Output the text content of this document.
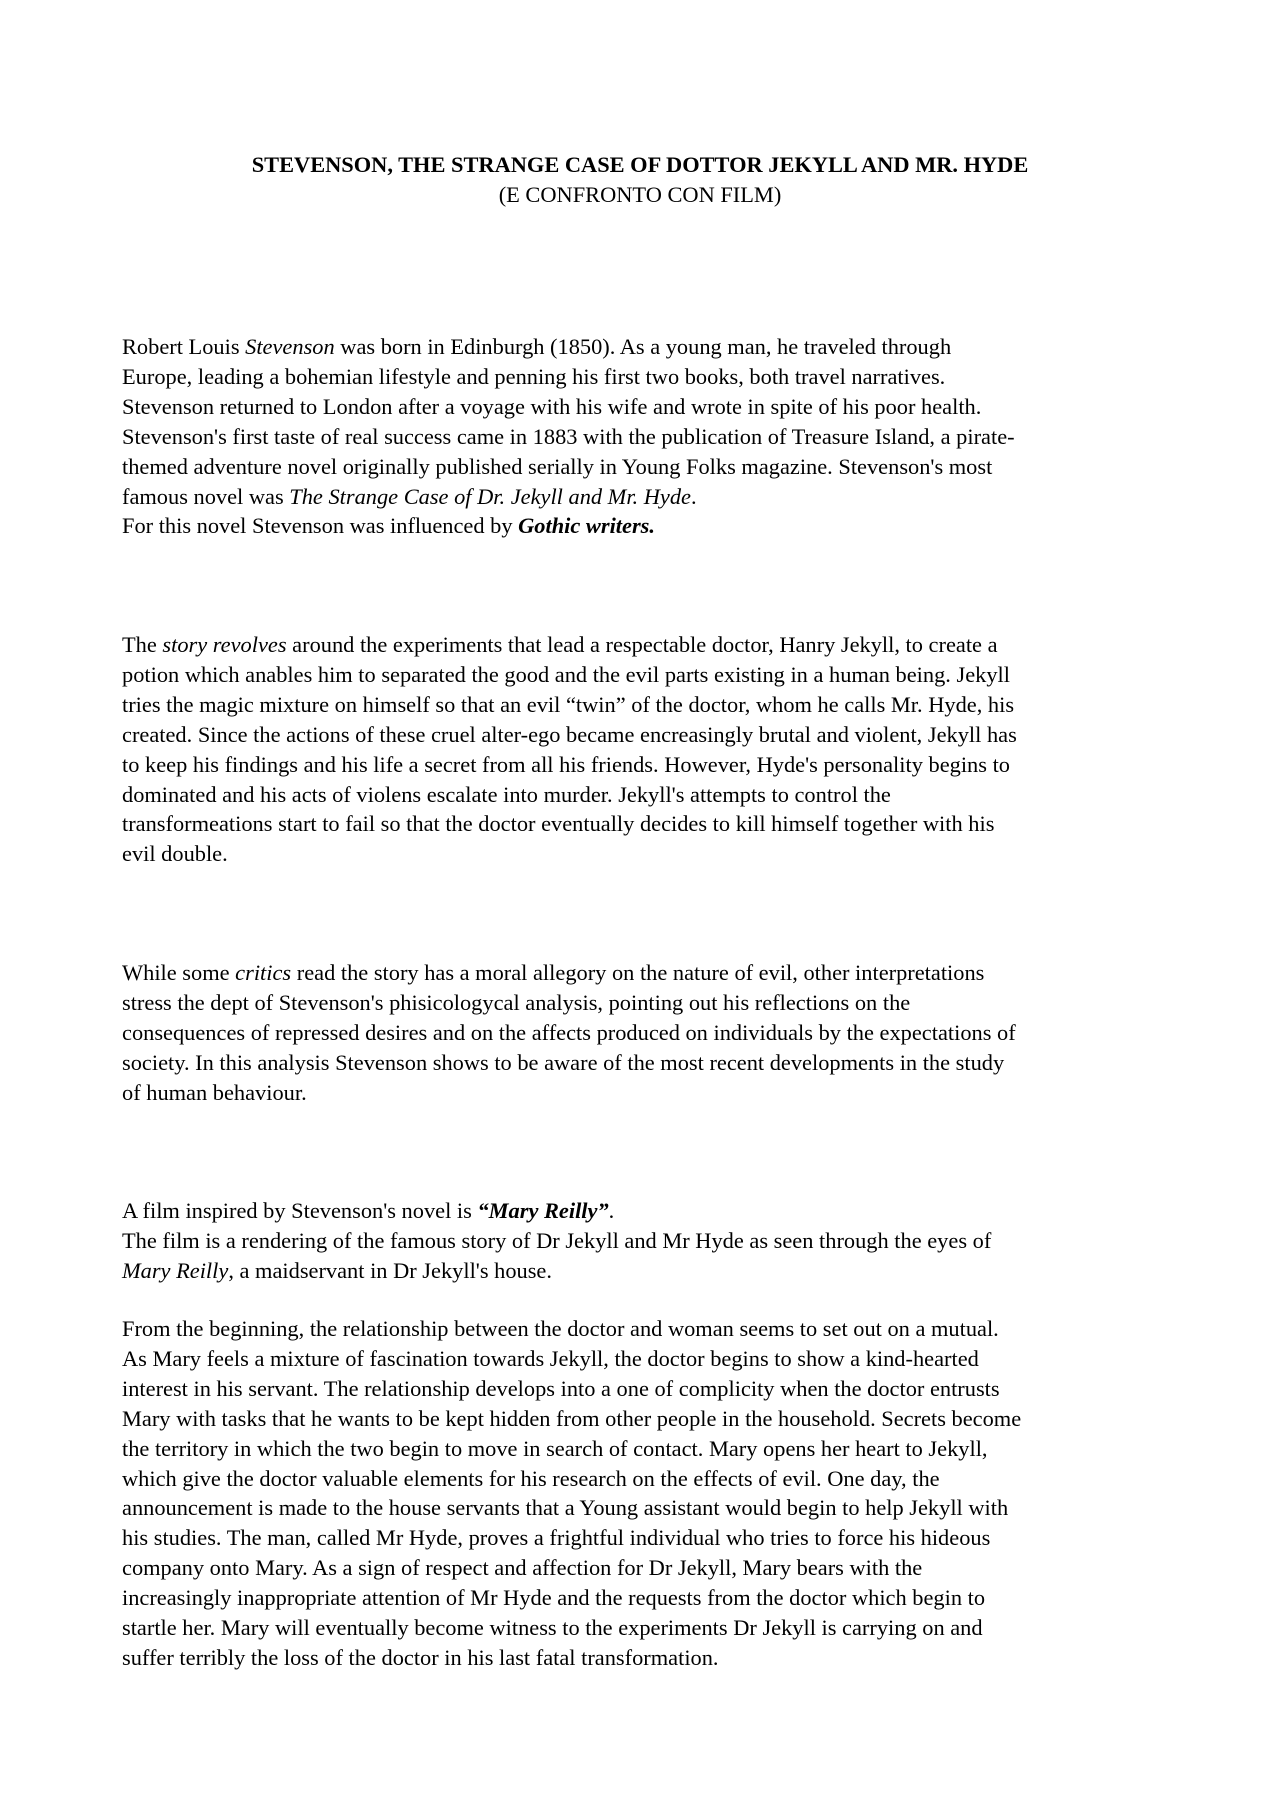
STEVENSON, THE STRANGE CASE OF DOTTOR JEKYLL AND MR. HYDE
(E CONFRONTO CON FILM)
Robert Louis Stevenson was born in Edinburgh (1850). As a young man, he traveled through
Europe, leading a bohemian lifestyle and penning his first two books, both travel narratives.
Stevenson returned to London after a voyage with his wife and wrote in spite of his poor health.
Stevenson's first taste of real success came in 1883 with the publication of Treasure Island, a pirate-
themed adventure novel originally published serially in Young Folks magazine. Stevenson's most
famous novel was The Strange Case of Dr. Jekyll and Mr. Hyde.
For this novel Stevenson was influenced by Gothic writers.
The story revolves around the experiments that lead a respectable doctor, Hanry Jekyll, to create a
potion which anables him to separated the good and the evil parts existing in a human being. Jekyll
tries the magic mixture on himself so that an evil “twin” of the doctor, whom he calls Mr. Hyde, his
created. Since the actions of these cruel alter-ego became encreasingly brutal and violent, Jekyll has
to keep his findings and his life a secret from all his friends. However, Hyde's personality begins to
dominated and his acts of violens escalate into murder. Jekyll's attempts to control the
transformeations start to fail so that the doctor eventually decides to kill himself together with his
evil double.
While some critics read the story has a moral allegory on the nature of evil, other interpretations
stress the dept of Stevenson's phisicologycal analysis, pointing out his reflections on the
consequences of repressed desires and on the affects produced on individuals by the expectations of
society. In this analysis Stevenson shows to be aware of the most recent developments in the study
of human behaviour.
A film inspired by Stevenson's novel is “Mary Reilly”.
The film is a rendering of the famous story of Dr Jekyll and Mr Hyde as seen through the eyes of
Mary Reilly, a maidservant in Dr Jekyll's house.
From the beginning, the relationship between the doctor and woman seems to set out on a mutual.
As Mary feels a mixture of fascination towards Jekyll, the doctor begins to show a kind-hearted
interest in his servant. The relationship develops into a one of complicity when the doctor entrusts
Mary with tasks that he wants to be kept hidden from other people in the household. Secrets become
the territory in which the two begin to move in search of contact. Mary opens her heart to Jekyll,
which give the doctor valuable elements for his research on the effects of evil. One day, the
announcement is made to the house servants that a Young assistant would begin to help Jekyll with
his studies. The man, called Mr Hyde, proves a frightful individual who tries to force his hideous
company onto Mary. As a sign of respect and affection for Dr Jekyll, Mary bears with the
increasingly inappropriate attention of Mr Hyde and the requests from the doctor which begin to
startle her. Mary will eventually become witness to the experiments Dr Jekyll is carrying on and
suffer terribly the loss of the doctor in his last fatal transformation.
